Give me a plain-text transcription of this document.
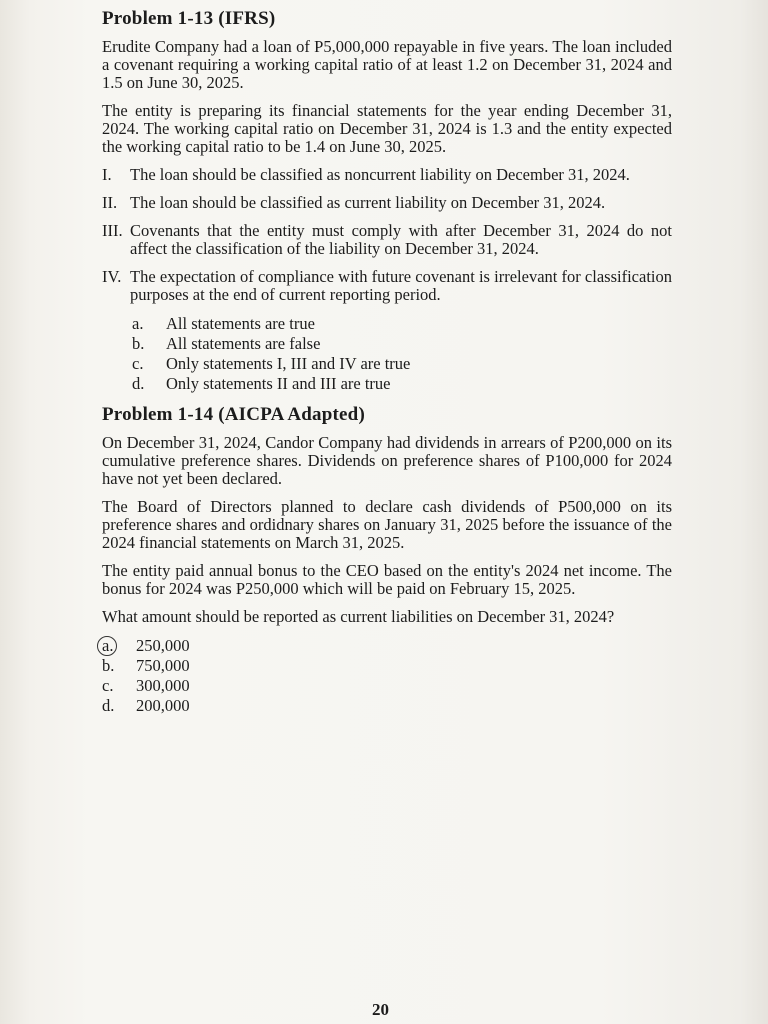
Problem 1-13 (IFRS)

Erudite Company had a loan of P5,000,000 repayable in five years. The loan included a covenant requiring a working capital ratio of at least 1.2 on December 31, 2024 and 1.5 on June 30, 2025.

The entity is preparing its financial statements for the year ending December 31, 2024. The working capital ratio on December 31, 2024 is 1.3 and the entity expected the working capital ratio to be 1.4 on June 30, 2025.

I.	The loan should be classified as noncurrent liability on December 31, 2024.
II. The loan should be classified as current liability on December 31, 2024.
III. Covenants that the entity must comply with after December 31, 2024 do not affect the classification of the liability on December 31, 2024.
IV. The expectation of compliance with future covenant is irrelevant for classification purposes at the end of current reporting period.
a.	All statements are true
b.	All statements are false
c.	Only statements I, III and IV are true
d.	Only statements II and III are true
Problem 1-14 (AICPA Adapted)

On December 31, 2024, Candor Company had dividends in arrears of P200,000 on its cumulative preference shares. Dividends on preference shares of P100,000 for 2024 have not yet been declared.

The Board of Directors planned to declare cash dividends of P500,000 on its preference shares and ordidnary shares on January 31, 2025 before the issuance of the 2024 financial statements on March 31, 2025.

The entity paid annual bonus to the CEO based on the entity's 2024 net income. The bonus for 2024 was P250,000 which will be paid on February 15, 2025.

What amount should be reported as current liabilities on December 31, 2024?

a.	250,000
b.	750,000
c.	300,000
d.	200,000
20
